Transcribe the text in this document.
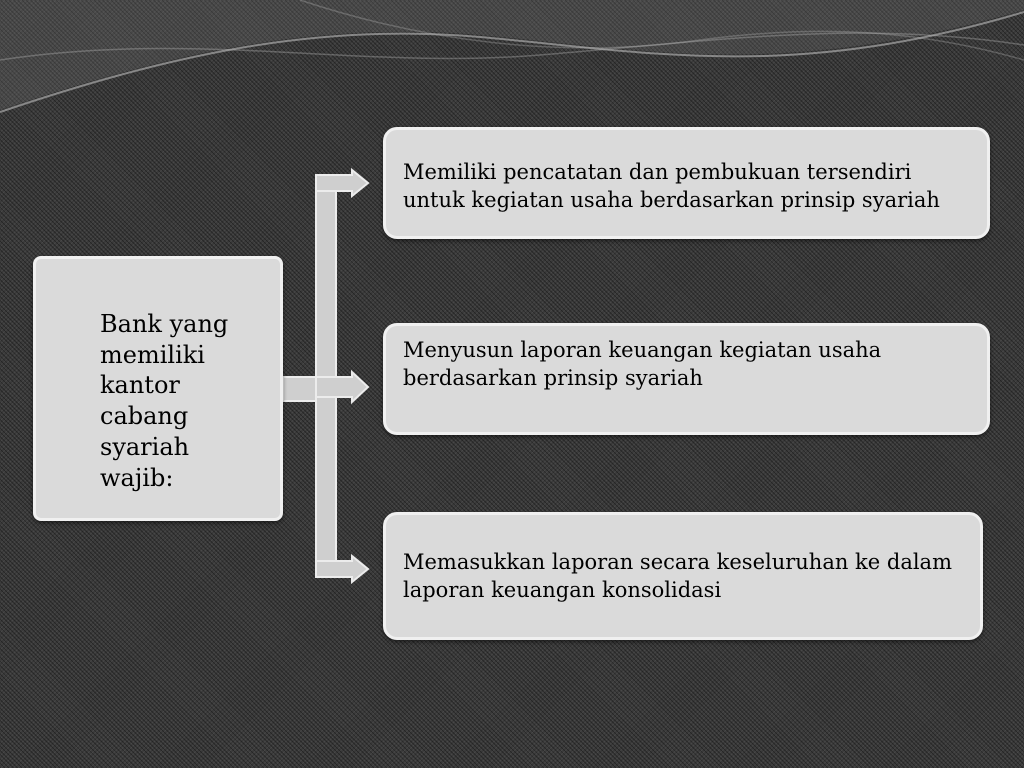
Bank yang

memiliki

kantor

cabang

syariah wajib:

Memiliki pencatatan dan pembukuan tersendiri

untuk kegiatan usaha berdasarkan prinsip syariah

Menyusun laporan keuangan kegiatan usaha

berdasarkan prinsip syariah

Memasukkan laporan secara keseluruhan ke dalam

laporan keuangan konsolidasi
